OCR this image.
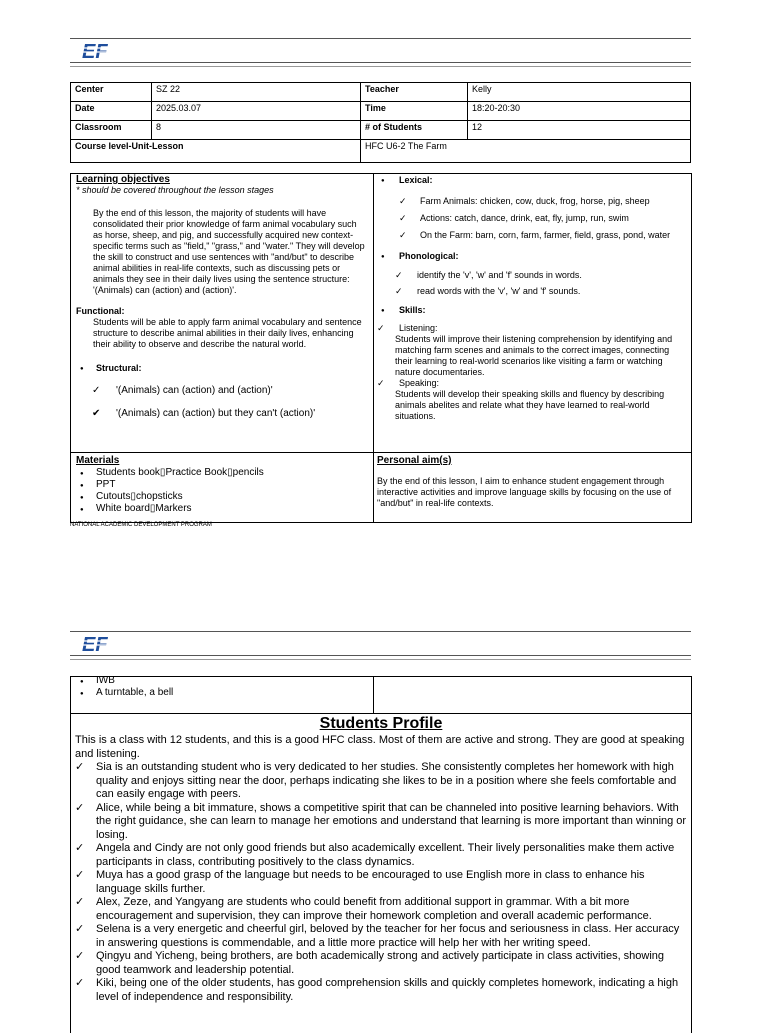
EF
Center	SZ 22	Teacher	Kelly
Date	2025.03.07	Time	18:20-20:30
Classroom	8	# of Students	12
Course level-Unit-Lesson		HFC U6-2 The Farm	
Learning objectives
* should be covered throughout the lesson stages
By the end of this lesson, the majority of students will have consolidated their prior knowledge of farm animal vocabulary such as horse, sheep, and pig, and successfully acquired new context-specific terms such as "field," "grass," and "water." They will develop the skill to construct and use sentences with "and/but" to describe animal abilities in real-life contexts, such as discussing pets or animals they see in their daily lives using the sentence structure: '(Animals) can (action) and (action)'.
Functional:
Students will be able to apply farm animal vocabulary and sentence structure to describe animal abilities in their daily lives, enhancing their ability to observe and describe the natural world.
● Structural:
✓ '(Animals) can (action) and (action)'
✔ '(Animals) can (action) but they can't (action)'
● Lexical:
✓ Farm Animals: chicken, cow, duck, frog, horse, pig, sheep
✓ Actions: catch, dance, drink, eat, fly, jump, run, swim
✓ On the Farm: barn, corn, farm, farmer, field, grass, pond, water
● Phonological:
✓ identify the 'v', 'w' and 'f' sounds in words.
✓ read words with the 'v', 'w' and 'f' sounds.
● Skills:
✓ Listening:
Students will improve their listening comprehension by identifying and matching farm scenes and animals to the correct images, connecting their learning to real-world scenarios like visiting a farm or watching nature documentaries.
✓ Speaking:
Students will develop their speaking skills and fluency by describing animals abelites and relate what they have learned to real-world situations.
Materials
● Students book▯Practice Book▯pencils
● PPT
● Cutouts▯chopsticks
● White board▯Markers
Personal aim(s)
By the end of this lesson, I aim to enhance student engagement through interactive activities and improve language skills by focusing on the use of "and/but" in real-life contexts.
NATIONAL ACADEMIC DEVELOPMENT PROGRAM
EF
● IWB
● A turntable, a bell
Students Profile
This is a class with 12 students, and this is a good HFC class. Most of them are active and strong. They are good at speaking and listening.
✓ Sia is an outstanding student who is very dedicated to her studies. She consistently completes her homework with high quality and enjoys sitting near the door, perhaps indicating she likes to be in a position where she feels comfortable and can easily engage with peers.
✓ Alice, while being a bit immature, shows a competitive spirit that can be channeled into positive learning behaviors. With the right guidance, she can learn to manage her emotions and understand that learning is more important than winning or losing.
✓ Angela and Cindy are not only good friends but also academically excellent. Their lively personalities make them active participants in class, contributing positively to the class dynamics.
✓ Muya has a good grasp of the language but needs to be encouraged to use English more in class to enhance his language skills further.
✓ Alex, Zeze, and Yangyang are students who could benefit from additional support in grammar. With a bit more encouragement and supervision, they can improve their homework completion and overall academic performance.
✓ Selena is a very energetic and cheerful girl, beloved by the teacher for her focus and seriousness in class. Her accuracy in answering questions is commendable, and a little more practice will help her with her writing speed.
✓ Qingyu and Yicheng, being brothers, are both academically strong and actively participate in class activities, showing good teamwork and leadership potential.
✓ Kiki, being one of the older students, has good comprehension skills and quickly completes homework, indicating a high level of independence and responsibility.
